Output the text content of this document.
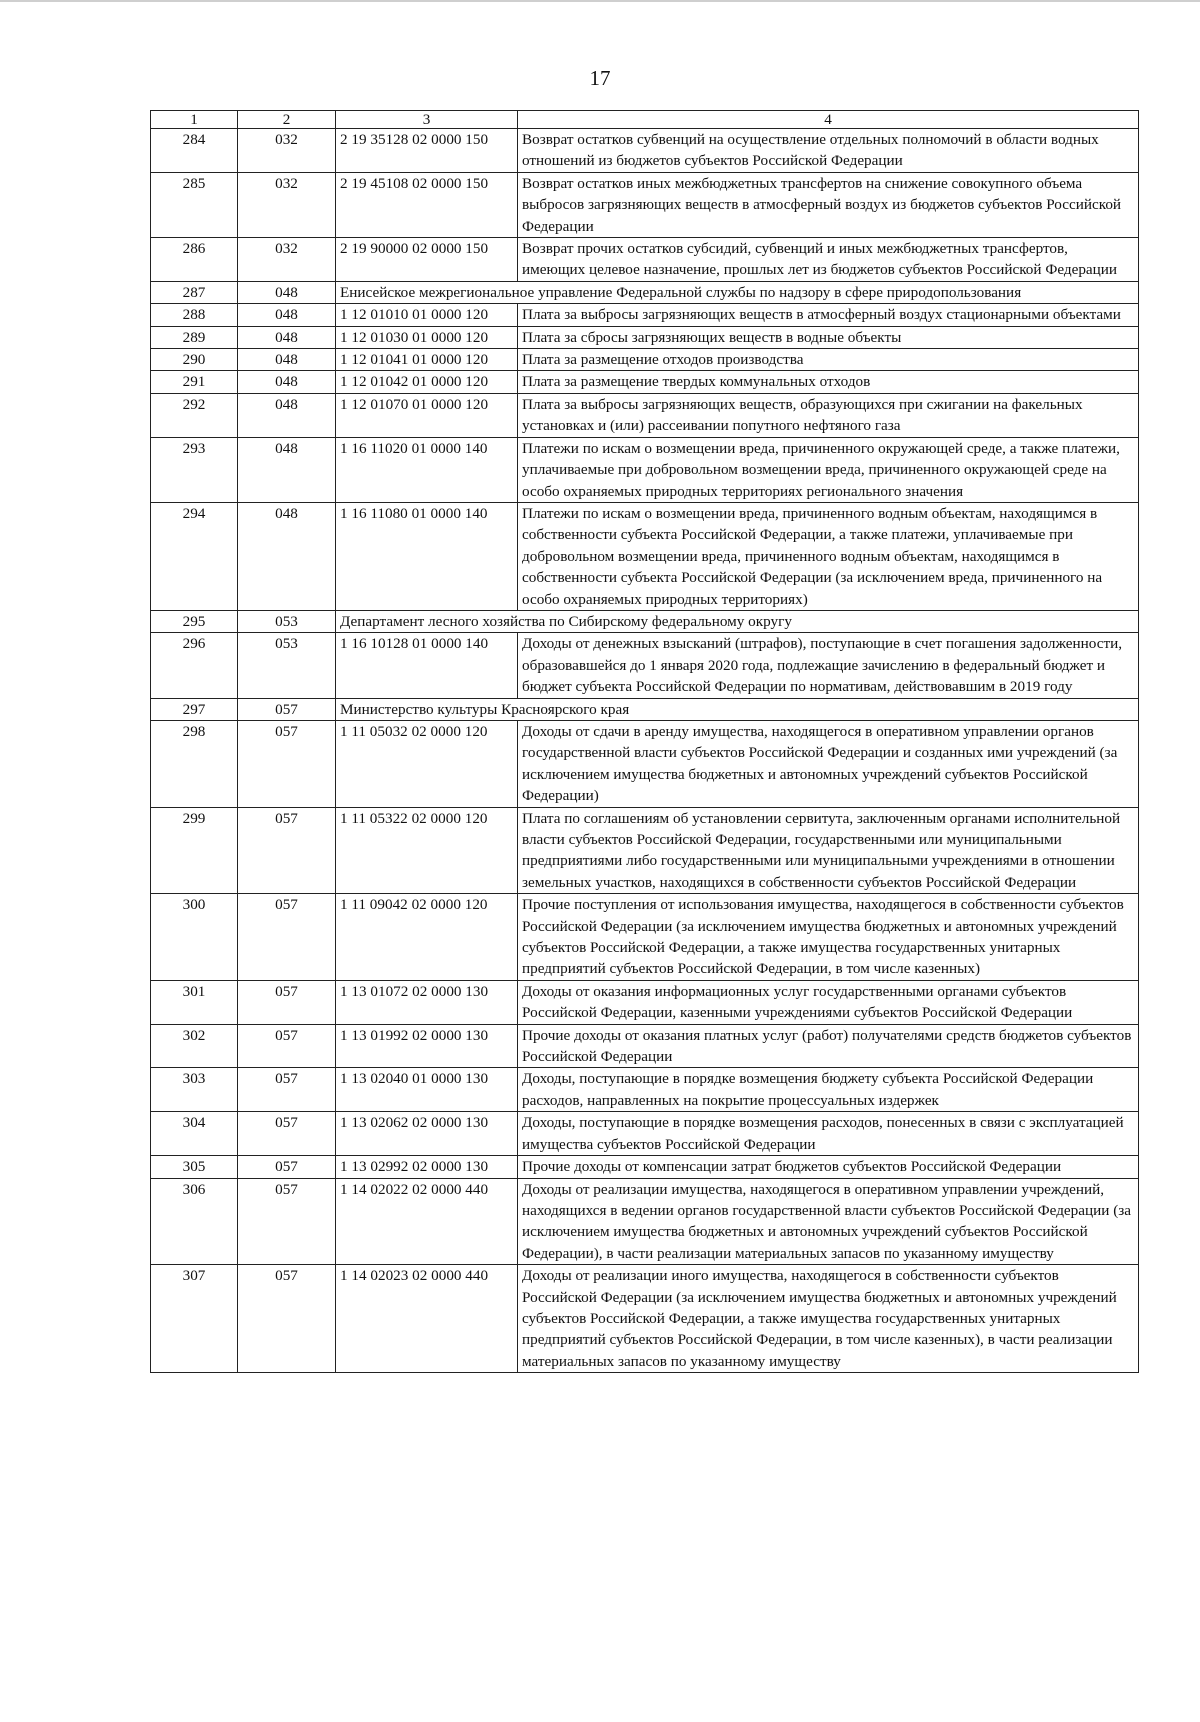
17
1	2	3	4
284	032	2 19 35128 02 0000 150	Возврат остатков субвенций на осуществление отдельных полномочий в области водных отношений из бюджетов субъектов Российской Федерации
285	032	2 19 45108 02 0000 150	Возврат остатков иных межбюджетных трансфертов на снижение совокупного объема выбросов загрязняющих веществ в атмосферный воздух из бюджетов субъектов Российской Федерации
286	032	2 19 90000 02 0000 150	Возврат прочих остатков субсидий, субвенций и иных межбюджетных трансфертов, имеющих целевое назначение, прошлых лет из бюджетов субъектов Российской Федерации
287	048	Енисейское межрегиональное управление Федеральной службы по надзору в сфере природопользования	
288	048	1 12 01010 01 0000 120	Плата за выбросы загрязняющих веществ в атмосферный воздух стационарными объектами
289	048	1 12 01030 01 0000 120	Плата за сбросы загрязняющих веществ в водные объекты
290	048	1 12 01041 01 0000 120	Плата за размещение отходов производства
291	048	1 12 01042 01 0000 120	Плата за размещение твердых коммунальных отходов
292	048	1 12 01070 01 0000 120	Плата за выбросы загрязняющих веществ, образующихся при сжигании на факельных установках и (или) рассеивании попутного нефтяного газа
293	048	1 16 11020 01 0000 140	Платежи по искам о возмещении вреда, причиненного окружающей среде, а также платежи, уплачиваемые при добровольном возмещении вреда, причиненного окружающей среде на особо охраняемых природных территориях регионального значения
294	048	1 16 11080 01 0000 140	Платежи по искам о возмещении вреда, причиненного водным объектам, находящимся в собственности субъекта Российской Федерации, а также платежи, уплачиваемые при добровольном возмещении вреда, причиненного водным объектам, находящимся в собственности субъекта Российской Федерации (за исключением вреда, причиненного на особо охраняемых природных территориях)
295	053	Департамент лесного хозяйства по Сибирскому федеральному округу	
296	053	1 16 10128 01 0000 140	Доходы от денежных взысканий (штрафов), поступающие в счет погашения задолженности, образовавшейся до 1 января 2020 года, подлежащие зачислению в федеральный бюджет и бюджет субъекта Российской Федерации по нормативам, действовавшим в 2019 году
297	057	Министерство культуры Красноярского края	
298	057	1 11 05032 02 0000 120	Доходы от сдачи в аренду имущества, находящегося в оперативном управлении органов государственной власти субъектов Российской Федерации и созданных ими учреждений (за исключением имущества бюджетных и автономных учреждений субъектов Российской Федерации)
299	057	1 11 05322 02 0000 120	Плата по соглашениям об установлении сервитута, заключенным органами исполнительной власти субъектов Российской Федерации, государственными или муниципальными предприятиями либо государственными или муниципальными учреждениями в отношении земельных участков, находящихся в собственности субъектов Российской Федерации
300	057	1 11 09042 02 0000 120	Прочие поступления от использования имущества, находящегося в собственности субъектов Российской Федерации (за исключением имущества бюджетных и автономных учреждений субъектов Российской Федерации, а также имущества государственных унитарных предприятий субъектов Российской Федерации, в том числе казенных)
301	057	1 13 01072 02 0000 130	Доходы от оказания информационных услуг государственными органами субъектов Российской Федерации, казенными учреждениями субъектов Российской Федерации
302	057	1 13 01992 02 0000 130	Прочие доходы от оказания платных услуг (работ) получателями средств бюджетов субъектов Российской Федерации
303	057	1 13 02040 01 0000 130	Доходы, поступающие в порядке возмещения бюджету субъекта Российской Федерации расходов, направленных на покрытие процессуальных издержек
304	057	1 13 02062 02 0000 130	Доходы, поступающие в порядке возмещения расходов, понесенных в связи с эксплуатацией имущества субъектов Российской Федерации
305	057	1 13 02992 02 0000 130	Прочие доходы от компенсации затрат бюджетов субъектов Российской Федерации
306	057	1 14 02022 02 0000 440	Доходы от реализации имущества, находящегося в оперативном управлении учреждений, находящихся в ведении органов государственной власти субъектов Российской Федерации (за исключением имущества бюджетных и автономных учреждений субъектов Российской Федерации), в части реализации материальных запасов по указанному имуществу
307	057	1 14 02023 02 0000 440	Доходы от реализации иного имущества, находящегося в собственности субъектов Российской Федерации (за исключением имущества бюджетных и автономных учреждений субъектов Российской Федерации, а также имущества государственных унитарных предприятий субъектов Российской Федерации, в том числе казенных), в части реализации материальных запасов по указанному имуществу
